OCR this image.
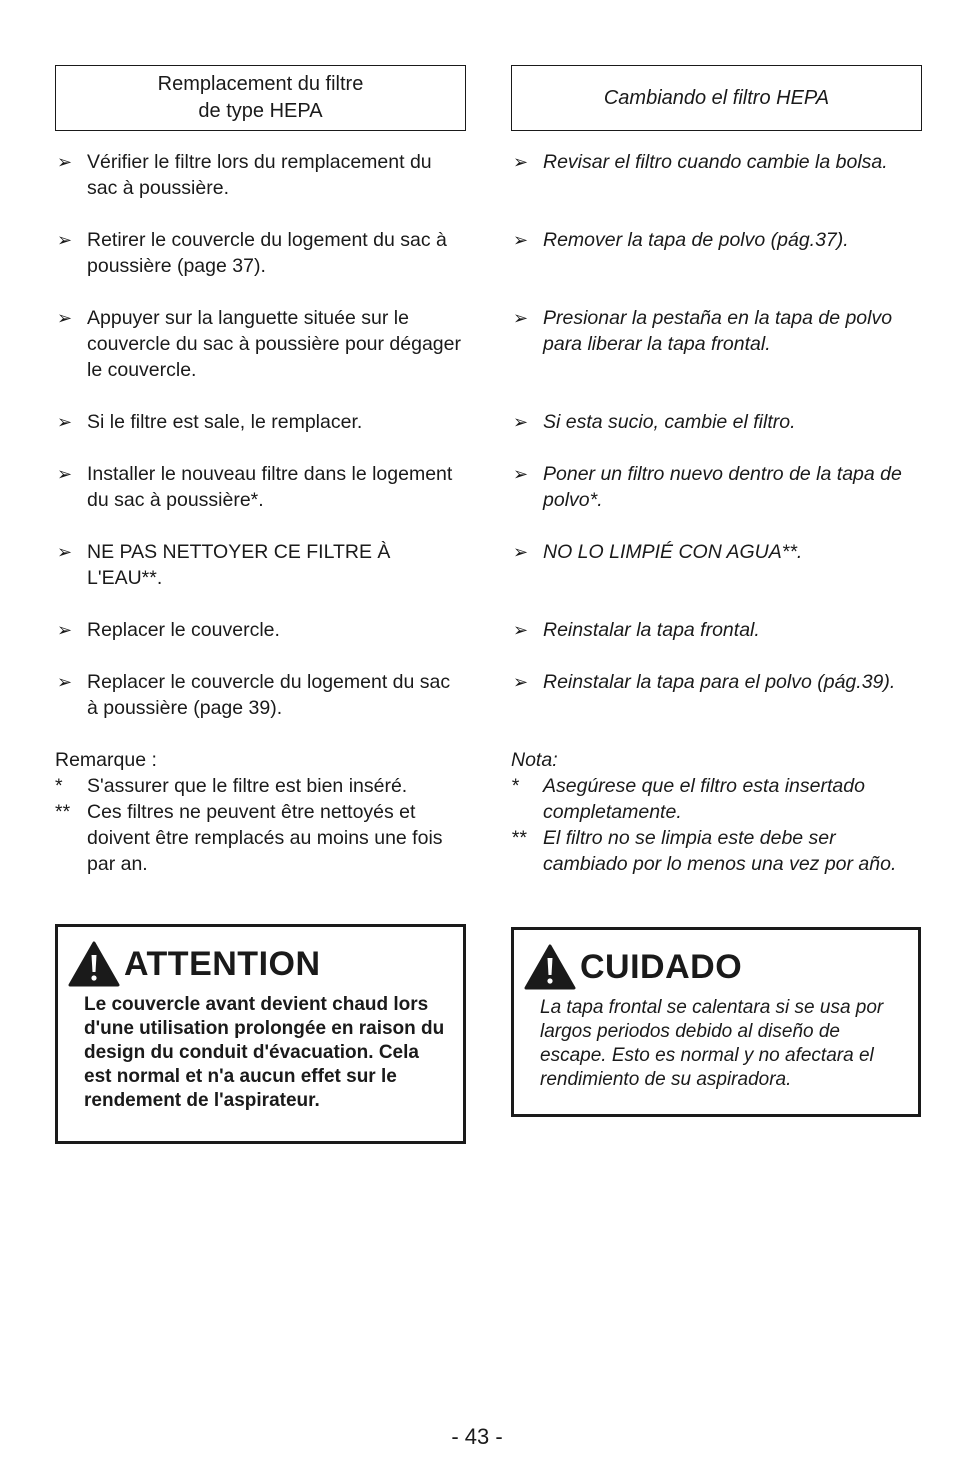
Remplacement du filtre
de type HEPA
➢ Vérifier le filtre lors du remplacement du sac à poussière.
➢ Retirer le couvercle du logement du sac à poussière (page 37).
➢ Appuyer sur la languette située sur le couvercle du sac à poussière pour dégager le couvercle.
➢ Si le filtre est sale, le remplacer.
➢ Installer le nouveau filtre dans le logement du sac à poussière*.
➢ NE PAS NETTOYER CE FILTRE À L'EAU**.
➢ Replacer le couvercle.
➢ Replacer le couvercle du logement du sac à poussière (page 39).

Remarque :

* S'assurer que le filtre est bien inséré.
** Ces filtres ne peuvent être nettoyés et doivent être remplacés au moins une fois par an.
Cambiando el filtro HEPA
➢ Revisar el filtro cuando cambie la bolsa.
➢ Remover la tapa de polvo (pág.37).
➢ Presionar la pestaña en la tapa de polvo para liberar la tapa frontal.
➢ Si esta sucio, cambie el filtro.
➢ Poner un filtro nuevo dentro de la tapa de polvo*.
➢ NO LO LIMPIÉ CON AGUA**.
➢ Reinstalar la tapa frontal.
➢ Reinstalar la tapa para el polvo (pág.39).

Nota:

* Asegúrese que el filtro esta insertado completamente.
** El filtro no se limpia este debe ser cambiado por lo menos una vez por año.
ATTENTION
Le couvercle avant devient chaud lors d'une utilisation prolongée en raison du design du conduit d'évacuation. Cela est normal et n'a aucun effet sur le rendement de l'aspirateur.
CUIDADO
La tapa frontal se calentara si se usa por largos periodos debido al diseño de escape. Esto es normal y no afectara el rendimiento de su aspiradora.
- 43 -
